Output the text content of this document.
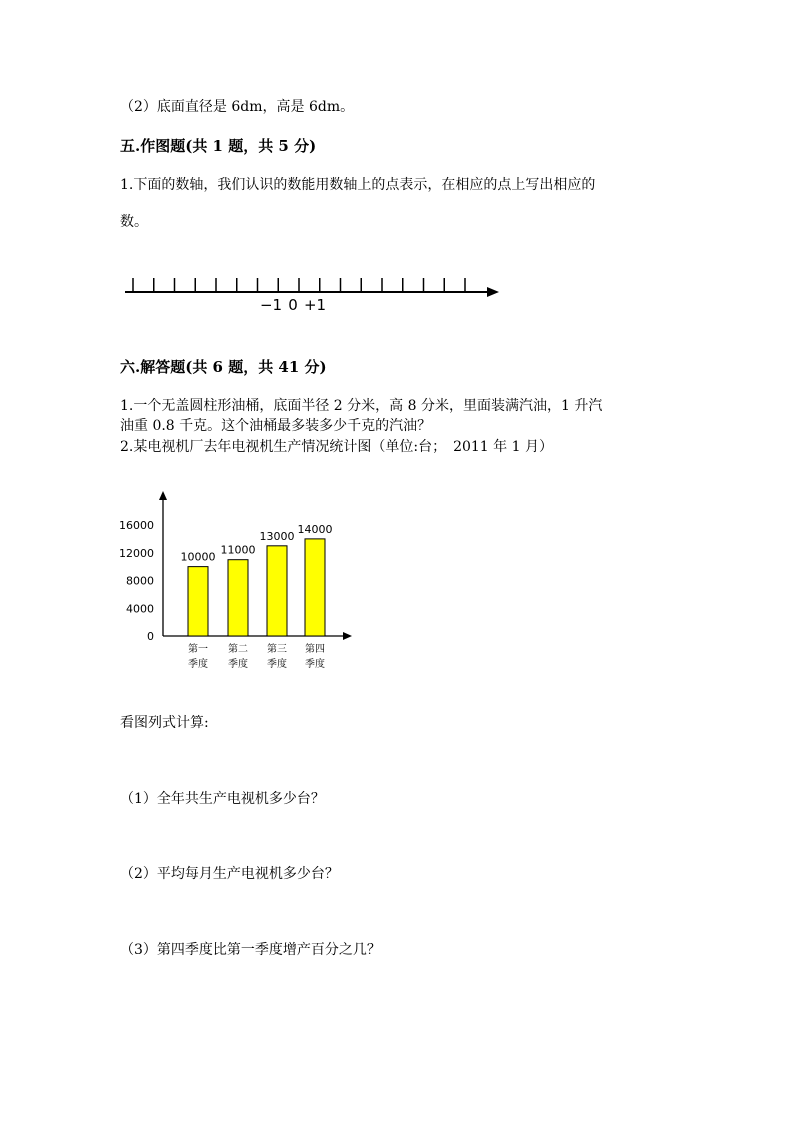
（2）底面直径是 6dm，高是 6dm。
五.作图题(共 1 题，共 5 分)
1.下面的数轴，我们认识的数能用数轴上的点表示，在相应的点上写出相应的
数。
−1 0 +1
六.解答题(共 6 题，共 41 分)
1.一个无盖圆柱形油桶，底面半径 2 分米，高 8 分米，里面装满汽油，1 升汽
油重 0.8 千克。这个油桶最多装多少千克的汽油？
2.某电视机厂去年电视机生产情况统计图（单位:台；　2011 年 1 月）
0
4000
8000
12000
16000
10000
第一
季度
11000
第二
季度
13000
第三
季度
14000
第四
季度
看图列式计算:
（1）全年共生产电视机多少台？
（2）平均每月生产电视机多少台？
（3）第四季度比第一季度增产百分之几？
